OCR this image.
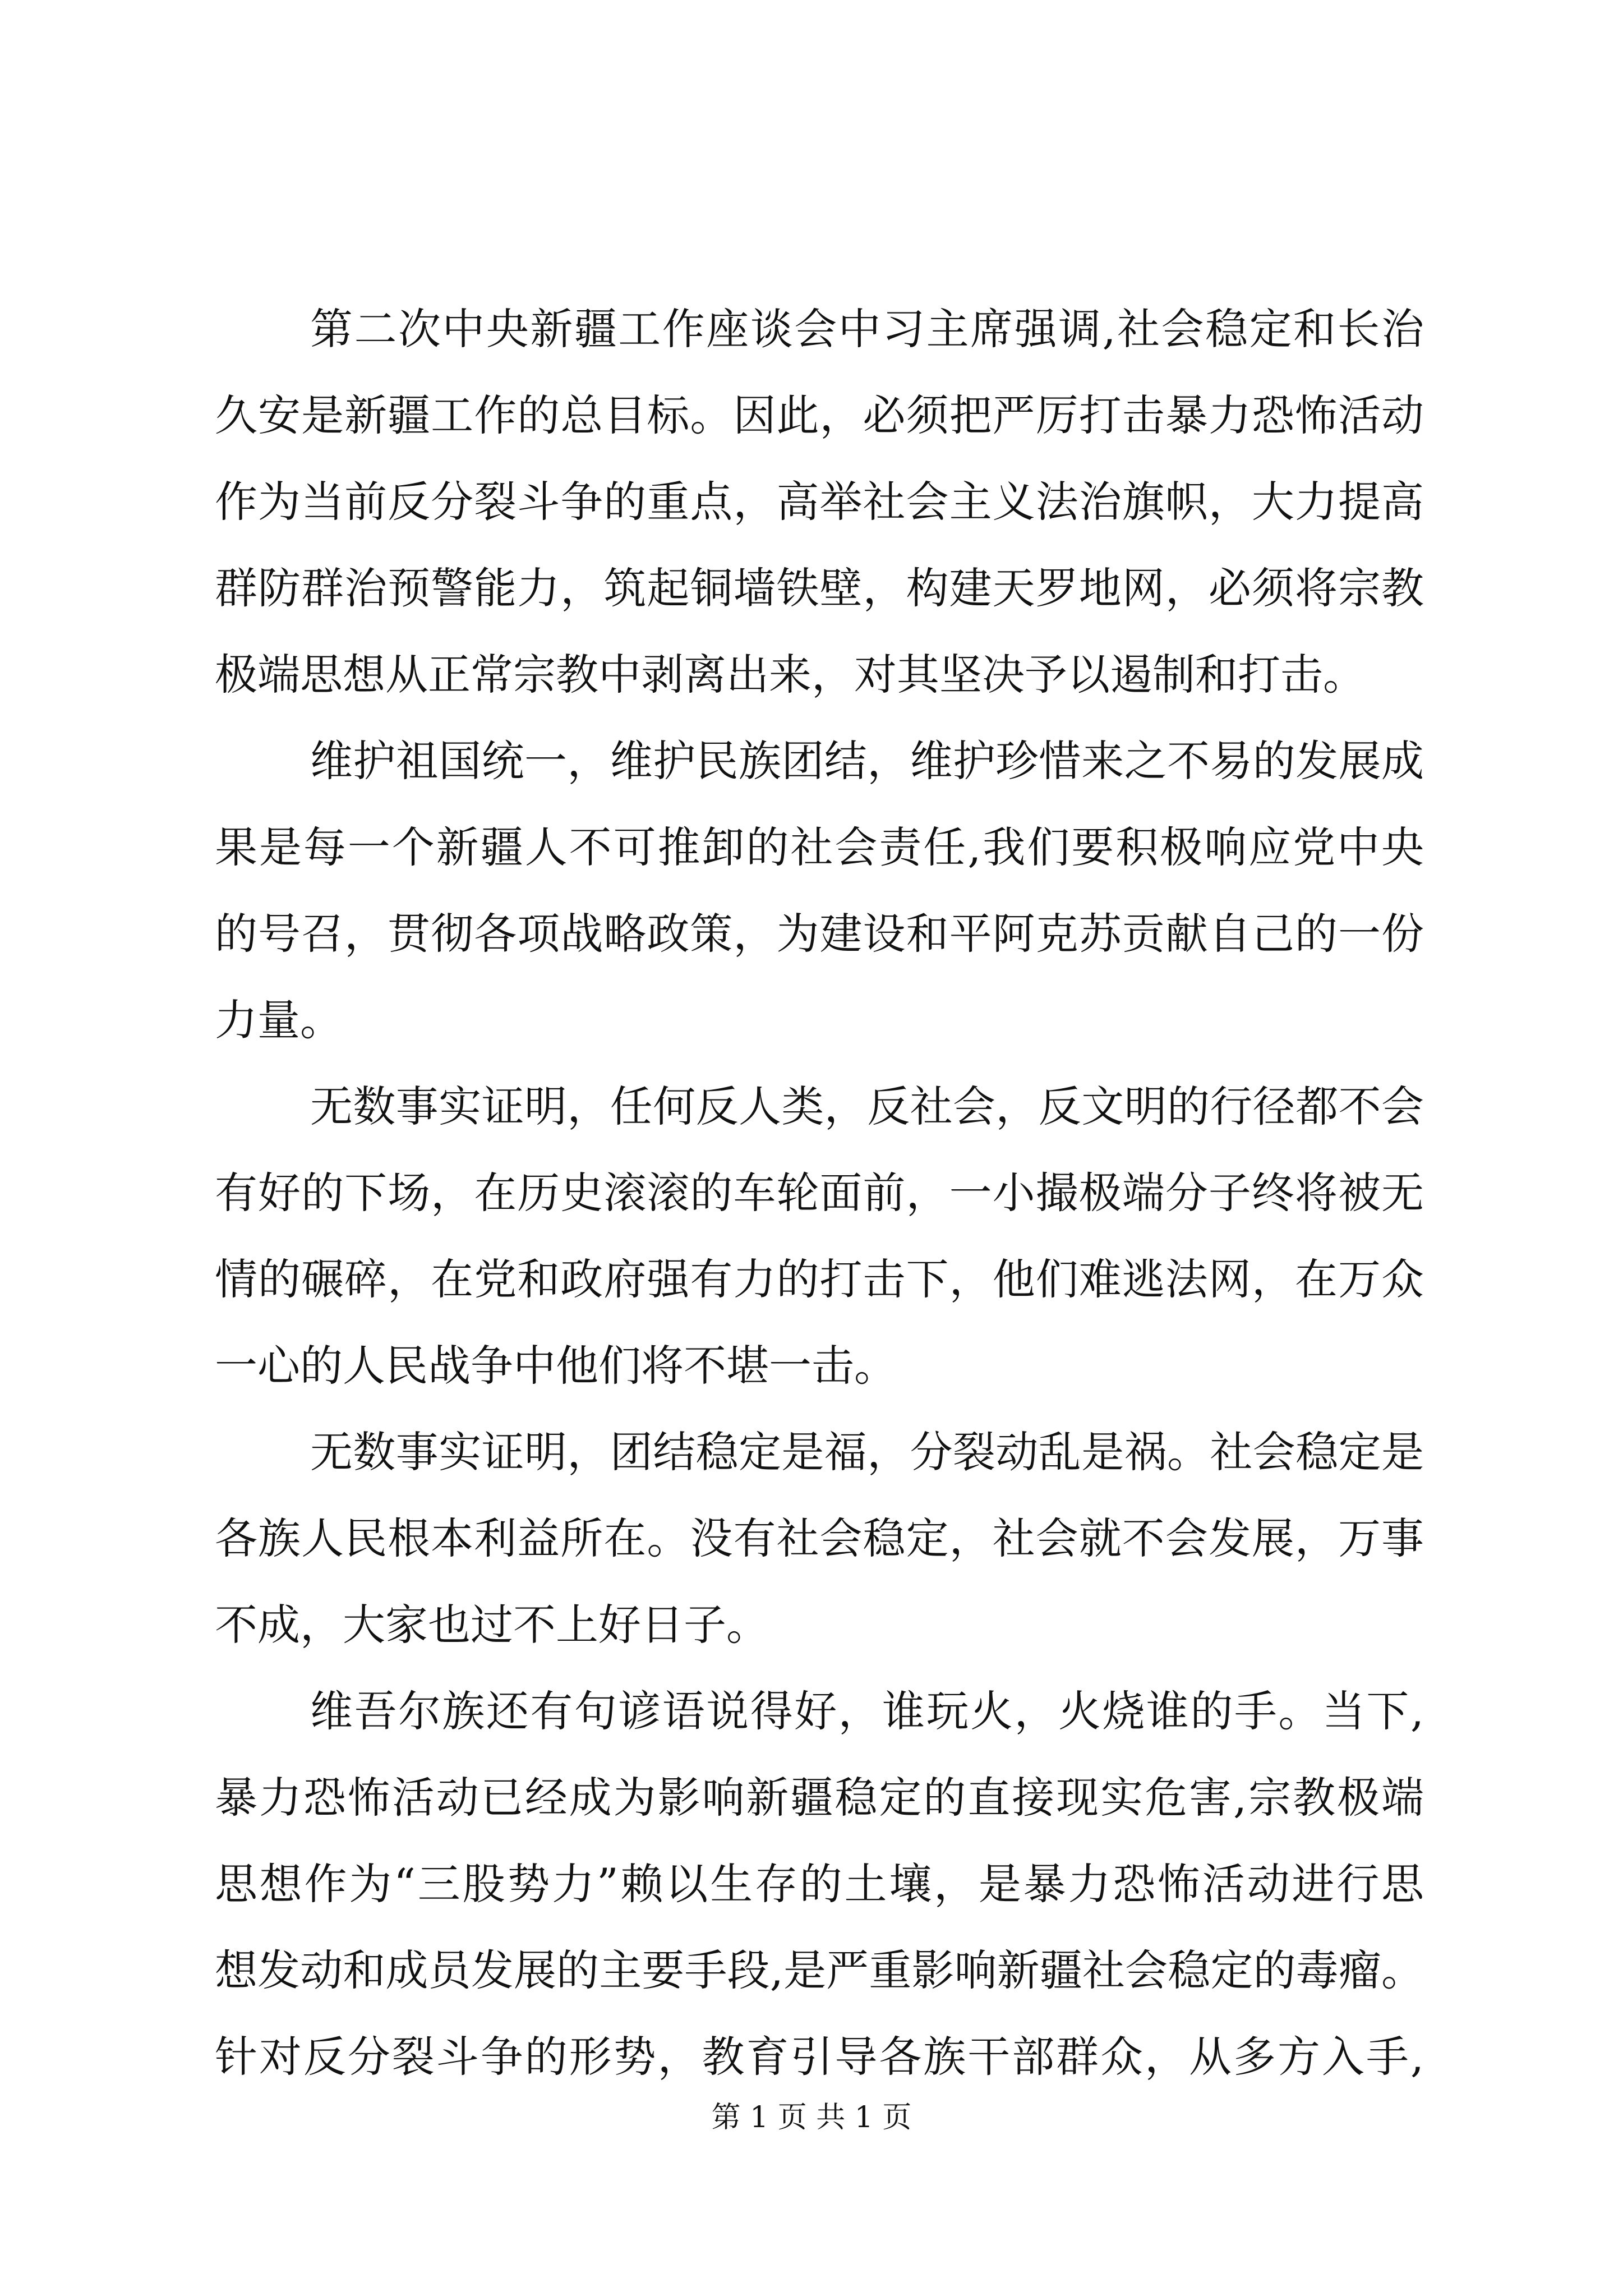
第二次中央新疆工作座谈会中习主席强调,社会稳定和长治
久安是新疆工作的总目标。因此，必须把严厉打击暴力恐怖活动
作为当前反分裂斗争的重点，高举社会主义法治旗帜，大力提高
群防群治预警能力，筑起铜墙铁壁，构建天罗地网，必须将宗教
极端思想从正常宗教中剥离出来，对其坚决予以遏制和打击。
维护祖国统一，维护民族团结，维护珍惜来之不易的发展成
果是每一个新疆人不可推卸的社会责任,我们要积极响应党中央
的号召，贯彻各项战略政策，为建设和平阿克苏贡献自己的一份
力量。
无数事实证明，任何反人类，反社会，反文明的行径都不会
有好的下场，在历史滚滚的车轮面前，一小撮极端分子终将被无
情的碾碎，在党和政府强有力的打击下，他们难逃法网，在万众
一心的人民战争中他们将不堪一击。
无数事实证明，团结稳定是福，分裂动乱是祸。社会稳定是
各族人民根本利益所在。没有社会稳定，社会就不会发展，万事
不成，大家也过不上好日子。
维吾尔族还有句谚语说得好，谁玩火，火烧谁的手。当下,
暴力恐怖活动已经成为影响新疆稳定的直接现实危害,宗教极端
思想作为“三股势力”赖以生存的土壤，是暴力恐怖活动进行思
想发动和成员发展的主要手段,是严重影响新疆社会稳定的毒瘤。
针对反分裂斗争的形势，教育引导各族干部群众，从多方入手,
第 1 页 共 1 页
